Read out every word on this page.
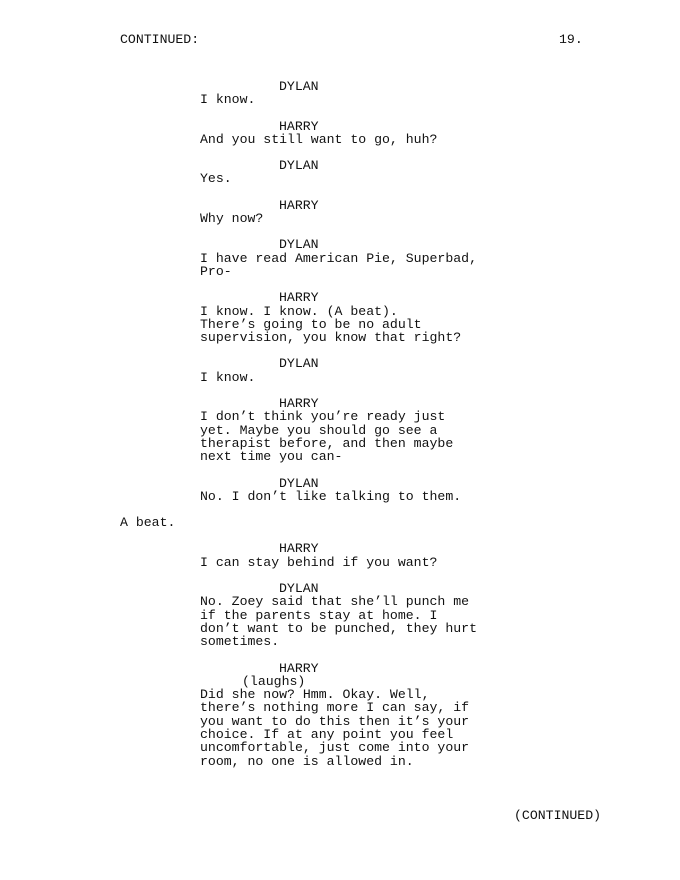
CONTINUED:	19.
DYLAN
I know.
HARRY
And you still want to go, huh?
DYLAN
Yes.
HARRY
Why now?
DYLAN
I have read American Pie, Superbad,
Pro-
HARRY
I know. I know. (A beat).
There’s going to be no adult
supervision, you know that right?
DYLAN
I know.
HARRY
I don’t think you’re ready just
yet. Maybe you should go see a
therapist before, and then maybe
next time you can-
DYLAN
No. I don’t like talking to them.
A beat.
HARRY
I can stay behind if you want?
DYLAN
No. Zoey said that she’ll punch me
if the parents stay at home. I
don’t want to be punched, they hurt
sometimes.
HARRY
(laughs)
Did she now? Hmm. Okay. Well,
there’s nothing more I can say, if
you want to do this then it’s your
choice. If at any point you feel
uncomfortable, just come into your
room, no one is allowed in.
(CONTINUED)
